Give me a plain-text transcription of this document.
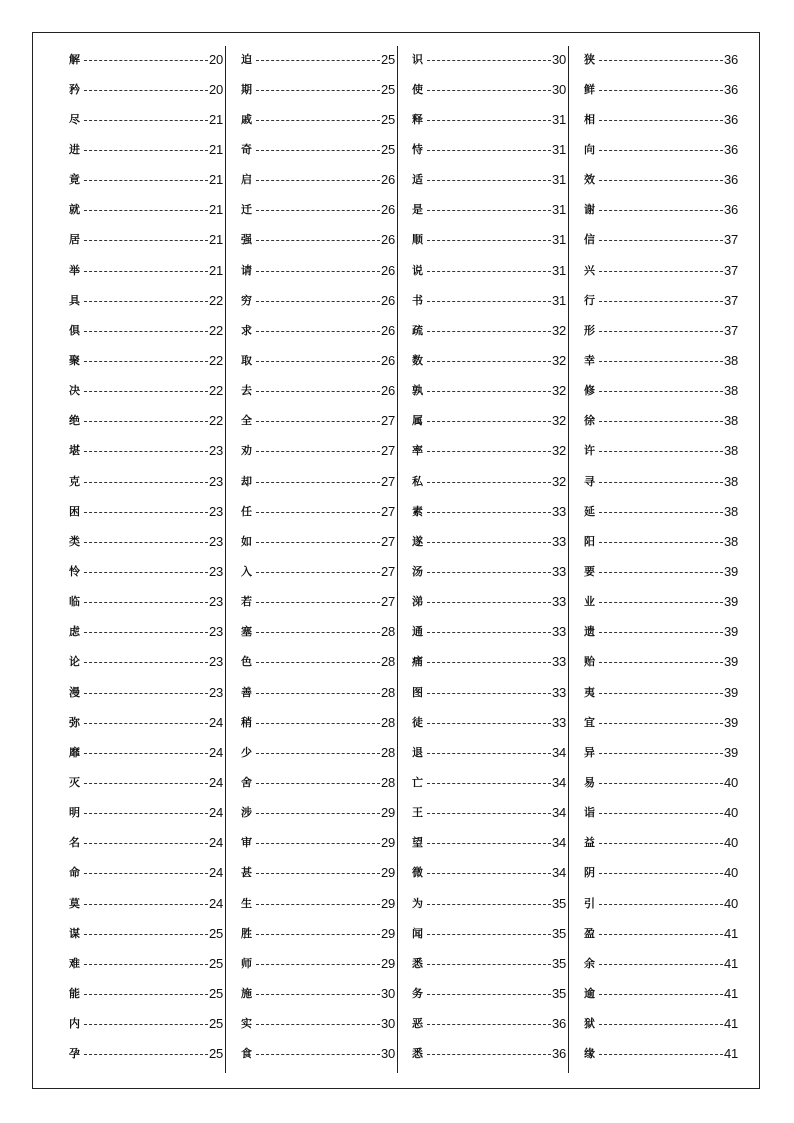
解	20
矜	20
尽	21
进	21
竟	21
就	21
居	21
举	21
具	22
俱	22
聚	22
决	22
绝	22
堪	23
克	23
困	23
类	23
怜	23
临	23
虑	23
论	23
漫	23
弥	24
靡	24
灭	24
明	24
名	24
命	24
莫	24
谋	25
难	25
能	25
内	25
孕	25
迫	25
期	25
戚	25
奇	25
启	26
迁	26
强	26
请	26
穷	26
求	26
取	26
去	26
全	27
劝	27
却	27
任	27
如	27
入	27
若	27
塞	28
色	28
善	28
稍	28
少	28
舍	28
涉	29
审	29
甚	29
生	29
胜	29
师	29
施	30
实	30
食	30
识	30
使	30
释	31
恃	31
适	31
是	31
顺	31
说	31
书	31
疏	32
数	32
孰	32
属	32
率	32
私	32
素	33
遂	33
汤	33
涕	33
通	33
痛	33
图	33
徒	33
退	34
亡	34
王	34
望	34
微	34
为	35
闻	35
悉	35
务	35
恶	36
悉	36
狭	36
鲜	36
相	36
向	36
效	36
谢	36
信	37
兴	37
行	37
形	37
幸	38
修	38
徐	38
许	38
寻	38
延	38
阳	38
要	39
业	39
遗	39
贻	39
夷	39
宜	39
异	39
易	40
诣	40
益	40
阴	40
引	40
盈	41
余	41
逾	41
狱	41
缘	41
